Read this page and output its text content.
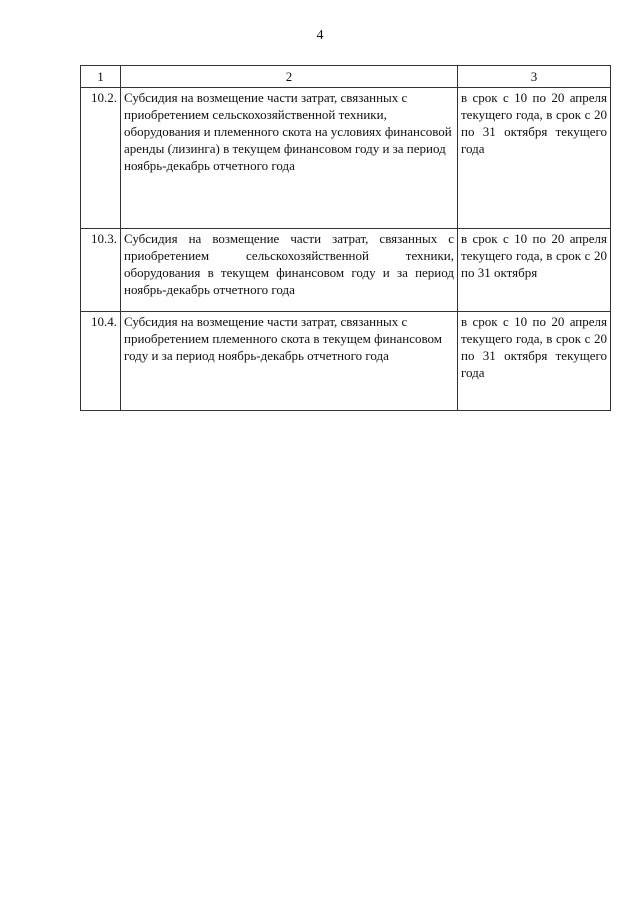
4
1	2	3
10.2.	Субсидия на возмещение части затрат, связанных с приобретением сельскохозяйственной техники, оборудования и племенного скота на условиях финансовой аренды (лизинга) в текущем финансовом году и за период ноябрь-декабрь отчетного года	в срок с 10 по 20 апреля текущего года, в срок с 20 по 31 октября текущего года
10.3.	Субсидия на возмещение части затрат, связанных с приобретением сельскохозяйственной техники, оборудования в текущем финансовом году и за период ноябрь-декабрь отчетного года	в срок с 10 по 20 апреля текущего года, в срок с 20 по 31 октября
10.4.	Субсидия на возмещение части затрат, связанных с приобретением племенного скота в текущем финансовом году и за период ноябрь-декабрь отчетного года	в срок с 10 по 20 апреля текущего года, в срок с 20 по 31 октября текущего года
